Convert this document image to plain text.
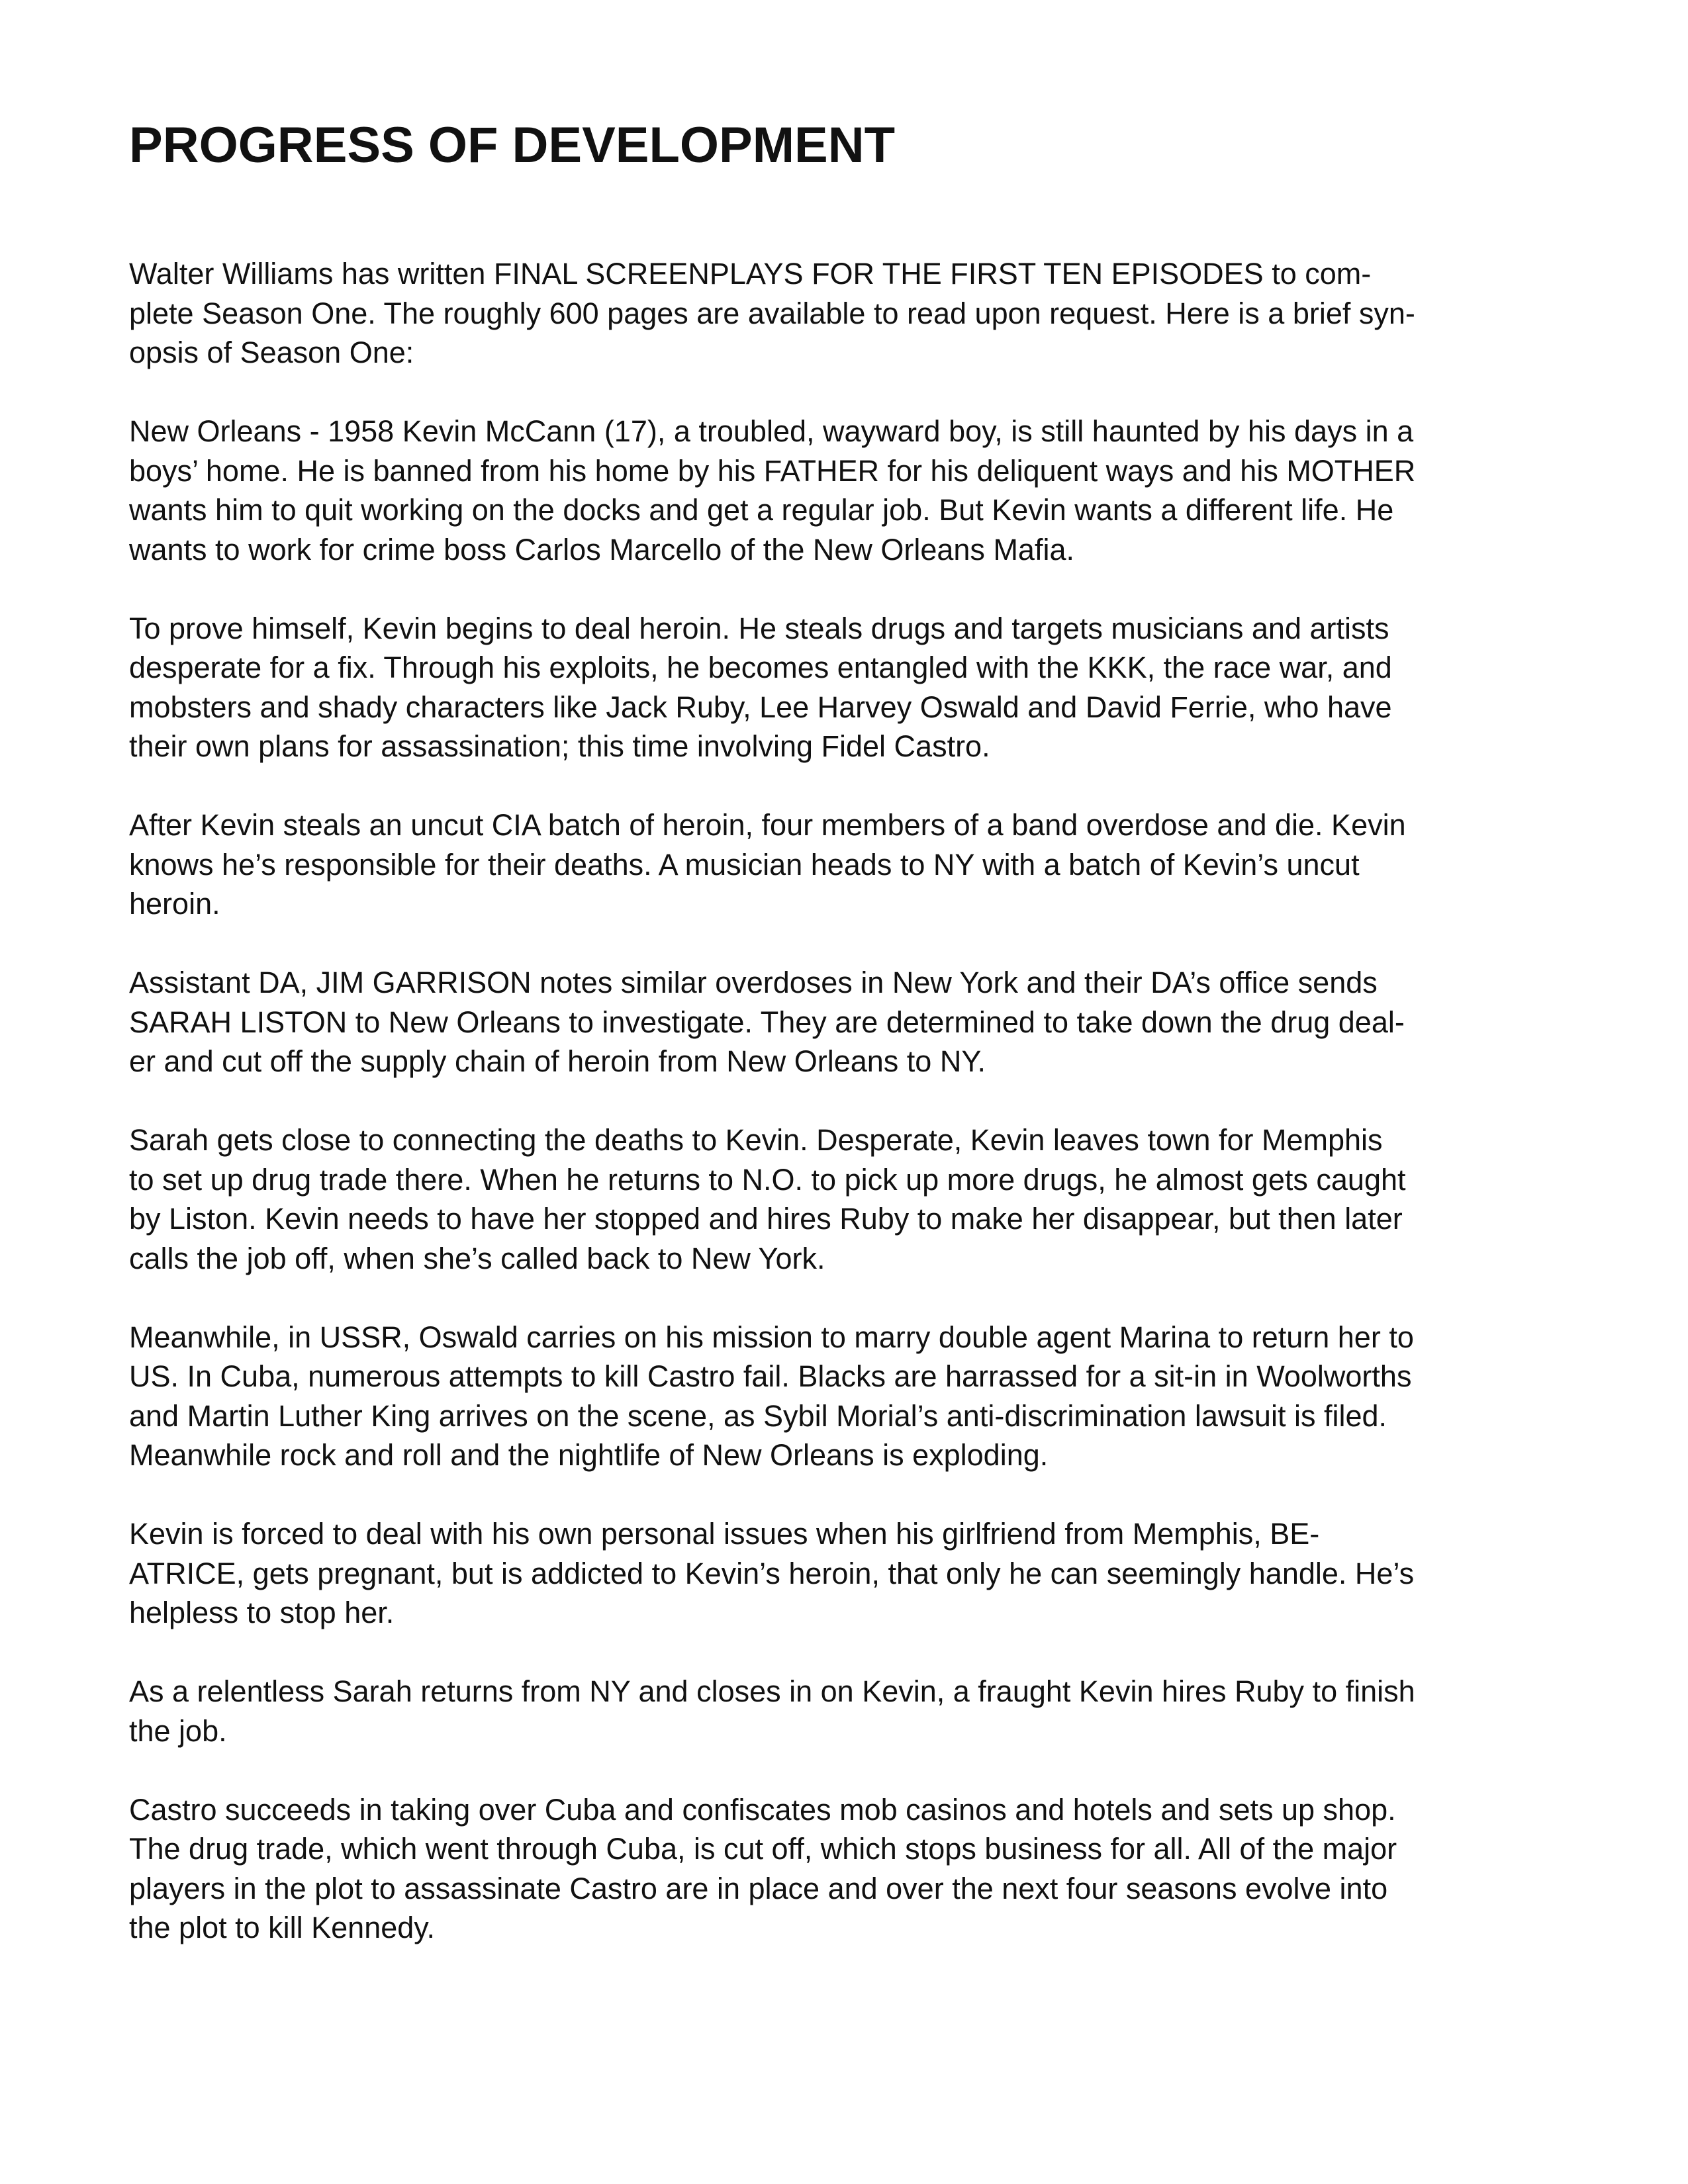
PROGRESS OF DEVELOPMENT
Walter Williams has written FINAL SCREENPLAYS FOR THE FIRST TEN EPISODES to com-
plete Season One. The roughly 600 pages are available to read upon request. Here is a brief syn-
opsis of Season One:
New Orleans - 1958 Kevin McCann (17), a troubled, wayward boy, is still haunted by his days in a
boys’ home. He is banned from his home by his FATHER for his deliquent ways and his MOTHER
wants him to quit working on the docks and get a regular job. But Kevin wants a different life. He
wants to work for crime boss Carlos Marcello of the New Orleans Mafia.
To prove himself, Kevin begins to deal heroin. He steals drugs and targets musicians and artists
desperate for a fix. Through his exploits, he becomes entangled with the KKK, the race war, and
mobsters and shady characters like Jack Ruby, Lee Harvey Oswald and David Ferrie, who have
their own plans for assassination; this time involving Fidel Castro.
After Kevin steals an uncut CIA batch of heroin, four members of a band overdose and die. Kevin
knows he’s responsible for their deaths. A musician heads to NY with a batch of Kevin’s uncut
heroin.
Assistant DA, JIM GARRISON notes similar overdoses in New York and their DA’s office sends
SARAH LISTON to New Orleans to investigate. They are determined to take down the drug deal-
er and cut off the supply chain of heroin from New Orleans to NY.
Sarah gets close to connecting the deaths to Kevin. Desperate, Kevin leaves town for Memphis
to set up drug trade there. When he returns to N.O. to pick up more drugs, he almost gets caught
by Liston. Kevin needs to have her stopped and hires Ruby to make her disappear, but then later
calls the job off, when she’s called back to New York.
Meanwhile, in USSR, Oswald carries on his mission to marry double agent Marina to return her to
US. In Cuba, numerous attempts to kill Castro fail. Blacks are harrassed for a sit-in in Woolworths
and Martin Luther King arrives on the scene, as Sybil Morial’s anti-discrimination lawsuit is filed.
Meanwhile rock and roll and the nightlife of New Orleans is exploding.
Kevin is forced to deal with his own personal issues when his girlfriend from Memphis, BE-
ATRICE, gets pregnant, but is addicted to Kevin’s heroin, that only he can seemingly handle. He’s
helpless to stop her.
As a relentless Sarah returns from NY and closes in on Kevin, a fraught Kevin hires Ruby to finish
the job.
Castro succeeds in taking over Cuba and confiscates mob casinos and hotels and sets up shop.
The drug trade, which went through Cuba, is cut off, which stops business for all. All of the major
players in the plot to assassinate Castro are in place and over the next four seasons evolve into
the plot to kill Kennedy.
